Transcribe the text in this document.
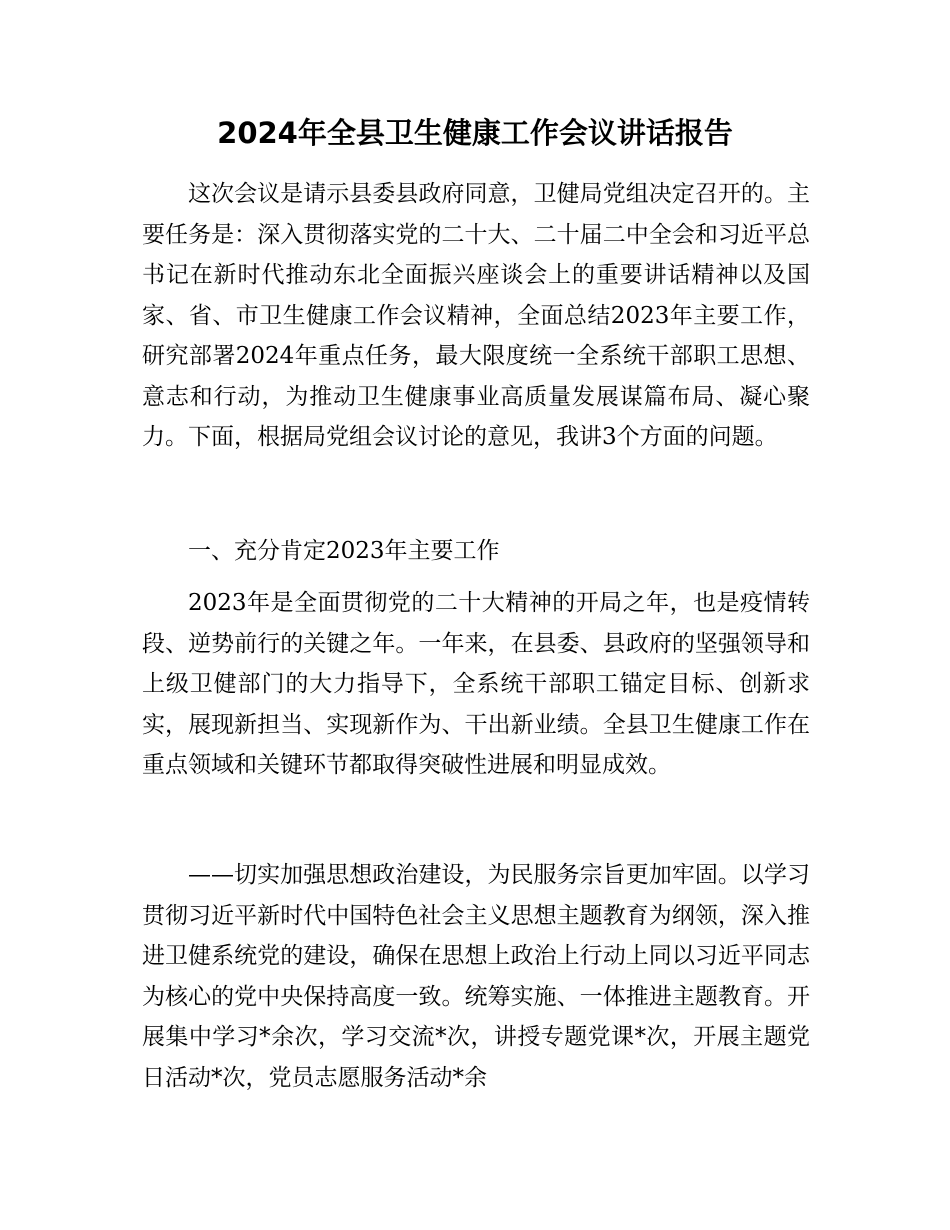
2024年全县卫生健康工作会议讲话报告

这次会议是请示县委县政府同意，卫健局党组决定召开的。主要任务是：深入贯彻落实党的二十大、二十届二中全会和习近平总书记在新时代推动东北全面振兴座谈会上的重要讲话精神以及国家、省、市卫生健康工作会议精神，全面总结2023年主要工作，研究部署2024年重点任务，最大限度统一全系统干部职工思想、意志和行动，为推动卫生健康事业高质量发展谋篇布局、凝心聚力。下面，根据局党组会议讨论的意见，我讲3个方面的问题。

一、充分肯定2023年主要工作

2023年是全面贯彻党的二十大精神的开局之年，也是疫情转段、逆势前行的关键之年。一年来，在县委、县政府的坚强领导和上级卫健部门的大力指导下，全系统干部职工锚定目标、创新求实，展现新担当、实现新作为、干出新业绩。全县卫生健康工作在重点领域和关键环节都取得突破性进展和明显成效。

——切实加强思想政治建设，为民服务宗旨更加牢固。以学习贯彻习近平新时代中国特色社会主义思想主题教育为纲领，深入推进卫健系统党的建设，确保在思想上政治上行动上同以习近平同志为核心的党中央保持高度一致。统筹实施、一体推进主题教育。开展集中学习*余次，学习交流*次，讲授专题党课*次，开展主题党日活动*次，党员志愿服务活动*余
